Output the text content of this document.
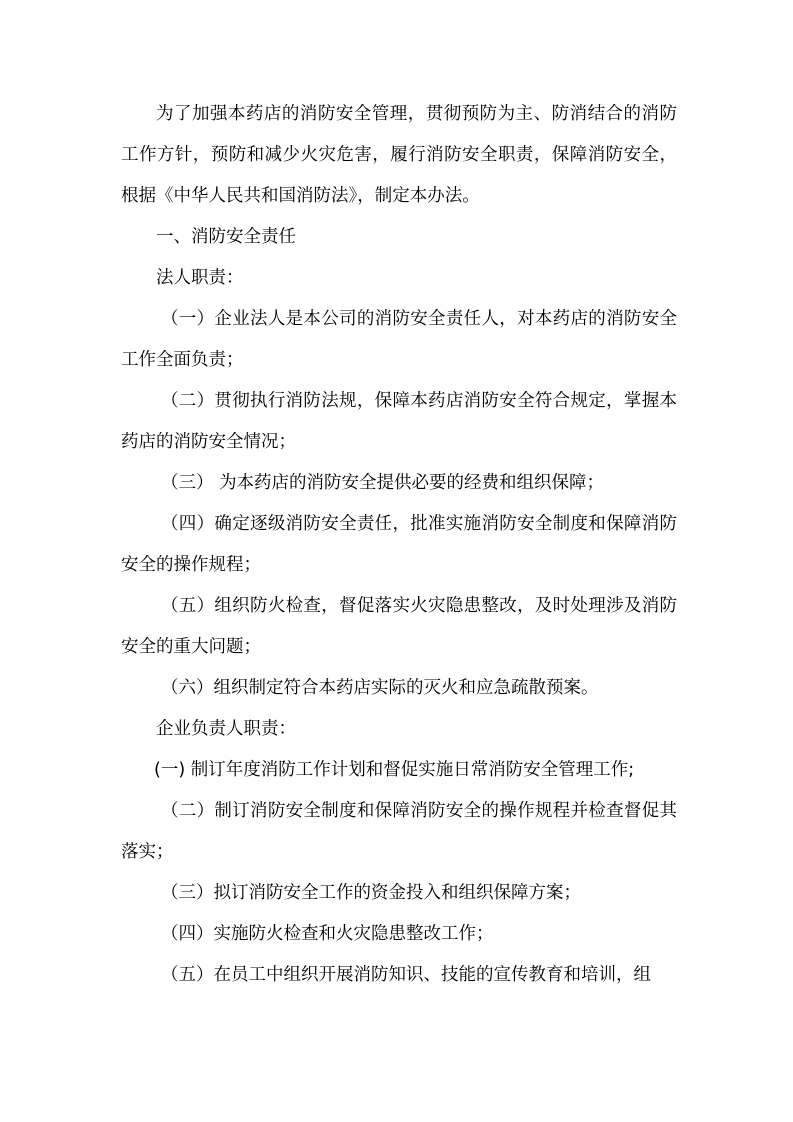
为了加强本药店的消防安全管理，贯彻预防为主、防消结合的消防工作方针，预防和减少火灾危害，履行消防安全职责，保障消防安全，根据《中华人民共和国消防法》，制定本办法。

一、消防安全责任

法人职责：

（一）企业法人是本公司的消防安全责任人，对本药店的消防安全工作全面负责；

（二）贯彻执行消防法规，保障本药店消防安全符合规定，掌握本药店的消防安全情况；

（三） 为本药店的消防安全提供必要的经费和组织保障；

（四）确定逐级消防安全责任，批准实施消防安全制度和保障消防安全的操作规程；

（五）组织防火检查，督促落实火灾隐患整改，及时处理涉及消防安全的重大问题；

（六）组织制定符合本药店实际的灭火和应急疏散预案。

企业负责人职责：

(一) 制订年度消防工作计划和督促实施日常消防安全管理工作;

（二）制订消防安全制度和保障消防安全的操作规程并检查督促其落实；

（三）拟订消防安全工作的资金投入和组织保障方案；

（四）实施防火检查和火灾隐患整改工作；

（五）在员工中组织开展消防知识、技能的宣传教育和培训，组
